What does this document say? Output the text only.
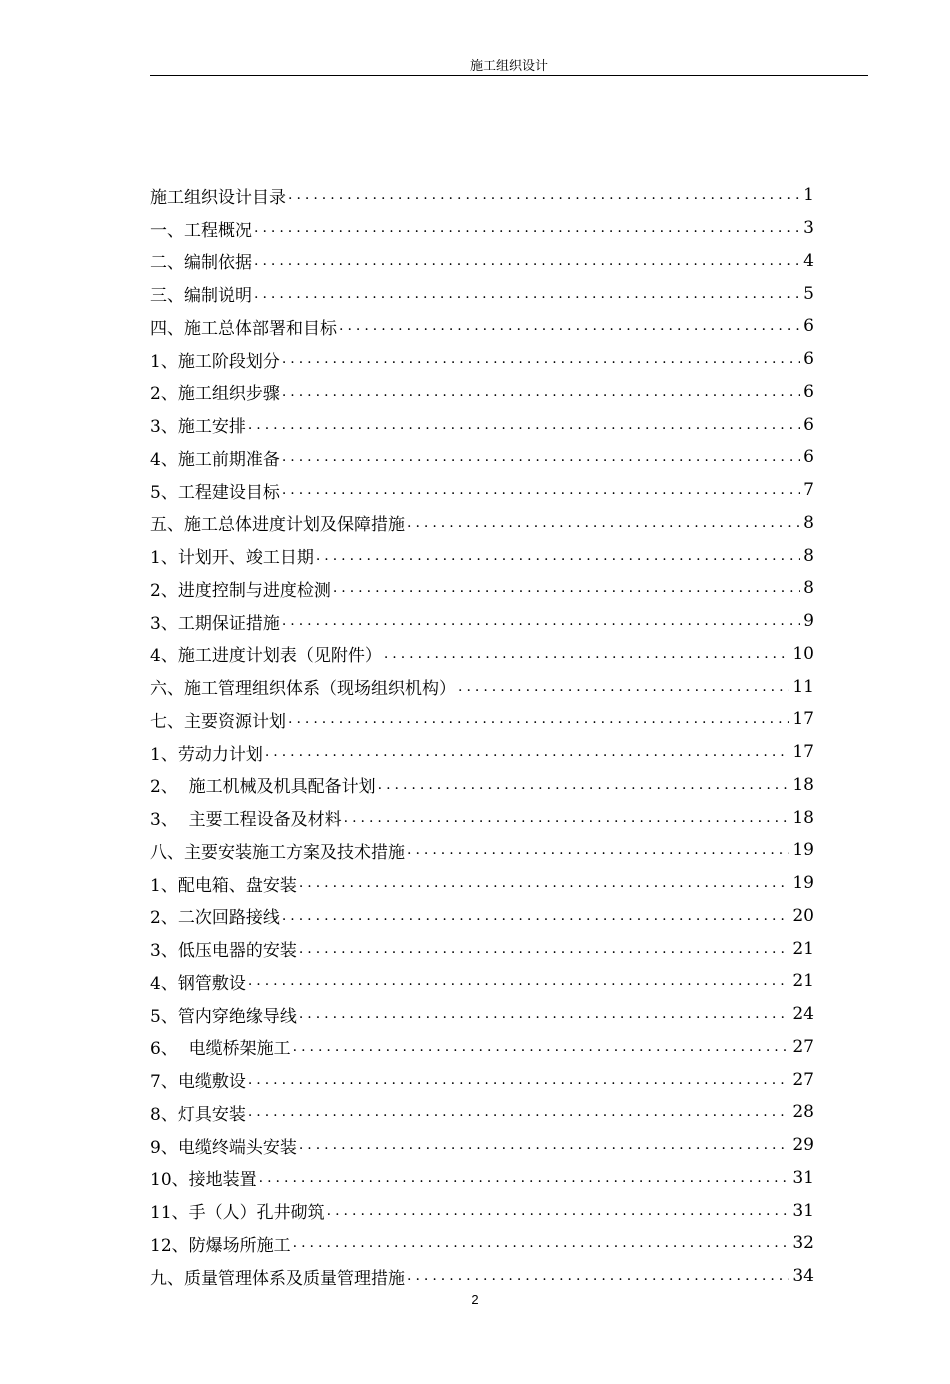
施工组织设计
施工组织设计目录 .....	1
一、工程概况 .....	3
二、编制依据 .....	4
三、编制说明 .....	5
四、施工总体部署和目标 .....	6
1、施工阶段划分 .....	6
2、施工组织步骤 .....	6
3、施工安排 .....	6
4、施工前期准备 .....	6
5、工程建设目标 .....	7
五、施工总体进度计划及保障措施 .....	8
1、计划开、竣工日期 .....	8
2、进度控制与进度检测 .....	8
3、工期保证措施 .....	9
4、施工进度计划表（见附件） .....	10
六、施工管理组织体系（现场组织机构） .....	11
七、主要资源计划 .....	17
1、劳动力计划 .....	17
2、  施工机械及机具配备计划 .....	18
3、  主要工程设备及材料 .....	18
八、主要安装施工方案及技术措施 .....	19
1、配电箱、盘安装 .....	19
2、二次回路接线 .....	20
3、低压电器的安装 .....	21
4、钢管敷设 .....	21
5、管内穿绝缘导线 .....	24
6、  电缆桥架施工 .....	27
7、电缆敷设 .....	27
8、灯具安装 .....	28
9、电缆终端头安装 .....	29
10、接地装置 .....	31
11、手（人）孔井砌筑 .....	31
12、防爆场所施工 .....	32
九、质量管理体系及质量管理措施 .....	34
2
